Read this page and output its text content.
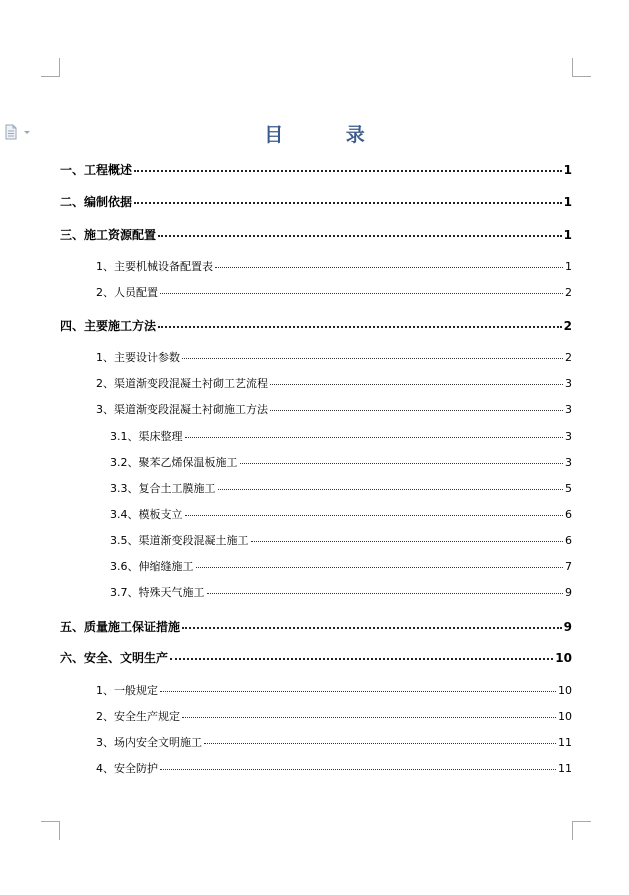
目 录
一、工程概述	1
二、编制依据	1
三、施工资源配置	1
1、主要机械设备配置表	1
2、人员配置	2
四、主要施工方法	2
1、主要设计参数	2
2、渠道渐变段混凝土衬砌工艺流程	3
3、渠道渐变段混凝土衬砌施工方法	3
3.1、渠床整理	3
3.2、聚苯乙烯保温板施工	3
3.3、复合土工膜施工	5
3.4、模板支立	6
3.5、渠道渐变段混凝土施工	6
3.6、伸缩缝施工	7
3.7、特殊天气施工	9
五、质量施工保证措施	9
六、安全、文明生产	10
1、一般规定	10
2、安全生产规定	10
3、场内安全文明施工	11
4、安全防护	11
